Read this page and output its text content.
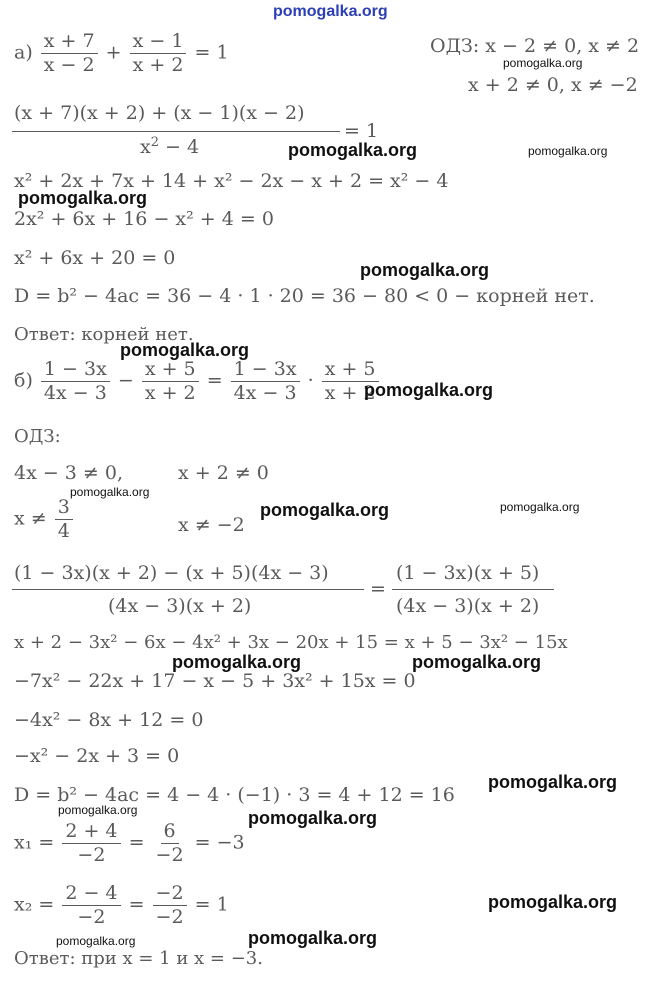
pomogalka.org
$а) \frac{x + 7}{x - 2} + \frac{x - 1}{x + 2} = 1$	ОДЗ: x − 2 ≠ 0, x ≠ 2
pomogalka.org
x + 2 ≠ 0, x ≠ −2
(x + 7)(x + 2) + (x − 1)(x − 2)
$x^2 - 4$
= 1
pomogalka.org	pomogalka.org
x² + 2x + 7x + 14 + x² − 2x − x + 2 = x² − 4
pomogalka.org
2x² + 6x + 16 − x² + 4 = 0
x² + 6x + 20 = 0
pomogalka.org
D = b² − 4ac = 36 − 4 · 1 · 20 = 36 − 80 < 0 − корней нет.
Ответ: корней нет.
pomogalka.org
$б) \frac{1 - 3x}{4x - 3} - \frac{x + 5}{x + 2} = \frac{1 - 3x}{4x - 3} \cdot \frac{x + 5}{x + 2}$
pomogalka.org
ОДЗ:
4x − 3 ≠ 0,	x + 2 ≠ 0
pomogalka.org
$x \ne \frac{3}{4}$	x ≠ −2
pomogalka.org	pomogalka.org
(1 − 3x)(x + 2) − (x + 5)(4x − 3)
(4x − 3)(x + 2)
=
(1 − 3x)(x + 5)
(4x − 3)(x + 2)
x + 2 − 3x² − 6x − 4x² + 3x − 20x + 15 = x + 5 − 3x² − 15x
pomogalka.org	pomogalka.org
−7x² − 22x + 17 − x − 5 + 3x² + 15x = 0
−4x² − 8x + 12 = 0
−x² − 2x + 3 = 0
pomogalka.org
D = b² − 4ac = 4 − 4 · (−1) · 3 = 4 + 12 = 16
pomogalka.org	pomogalka.org
$x_1 = \frac{2 + 4}{-2} = \frac{6}{-2} = -3$
$x_2 = \frac{2 - 4}{-2} = \frac{-2}{-2} = 1$	pomogalka.org
pomogalka.org	pomogalka.org
Ответ: при x = 1 и x = −3.
